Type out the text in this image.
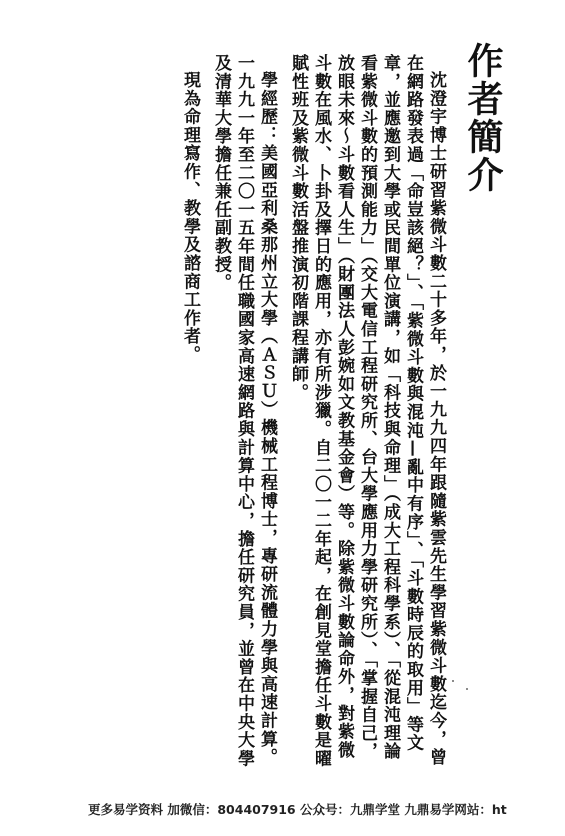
作者簡介

沈澄宇博士研習紫微斗數二十多年，於一九九四年跟隨紫雲先生學習紫微斗數迄今，曾在網路發表過「命豈該絕？」、「紫微斗數與混沌—亂中有序」、「斗數時辰的取用」等文章，並應邀到大學或民間單位演講，如「科技與命理」（成大工程科學系）、「從混沌理論看紫微斗數的預測能力」（交大電信工程研究所、台大學應用力學研究所）、「掌握自己，放眼未來～斗數看人生」（財團法人彭婉如文教基金會）等。除紫微斗數論命外，對紫微斗數在風水、卜卦及擇日的應用，亦有所涉獵。自二〇一二年起，在創見堂擔任斗數是曜賦性班及紫微斗數活盤推演初階課程講師。

學經歷：美國亞利桑那州立大學（ＡＳＵ）機械工程博士，專研流體力學與高速計算。一九九一年至二〇一五年間任職國家高速網路與計算中心，擔任研究員，並曾在中央大學及清華大學擔任兼任副教授。

現為命理寫作、教學及諮商工作者。

更多易学资料 加微信：804407916 公众号：九鼎学堂 九鼎易学网站：ht
